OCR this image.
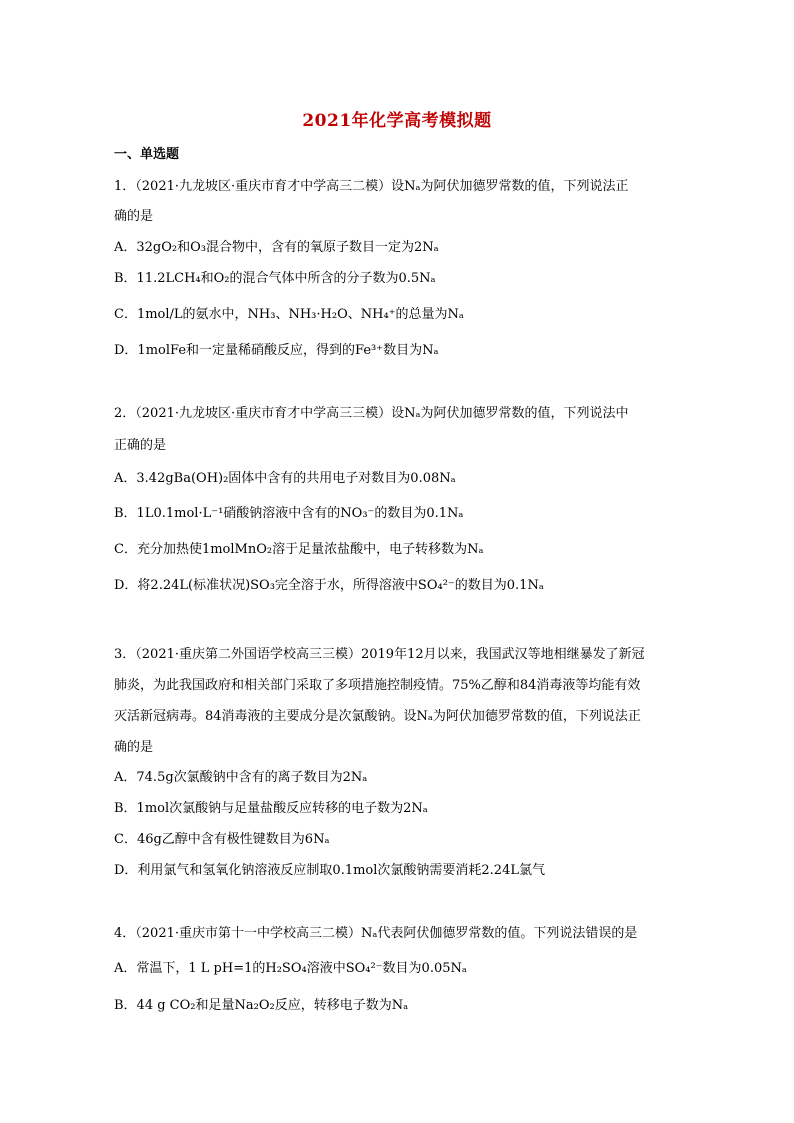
2021年化学高考模拟题
一、单选题
1．（2021·九龙坡区·重庆市育才中学高三二模）设Nₐ为阿伏加德罗常数的值，下列说法正
确的是
A．32gO₂和O₃混合物中，含有的氧原子数目一定为2Nₐ
B．11.2LCH₄和O₂的混合气体中所含的分子数为0.5Nₐ
C．1mol/L的氨水中，NH₃、NH₃·H₂O、NH₄⁺的总量为Nₐ
D．1molFe和一定量稀硝酸反应，得到的Fe³⁺数目为Nₐ
2．（2021·九龙坡区·重庆市育才中学高三三模）设Nₐ为阿伏加德罗常数的值，下列说法中
正确的是
A．3.42gBa(OH)₂固体中含有的共用电子对数目为0.08Nₐ
B．1L0.1mol·L⁻¹硝酸钠溶液中含有的NO₃⁻的数目为0.1Nₐ
C．充分加热使1molMnO₂溶于足量浓盐酸中，电子转移数为Nₐ
D．将2.24L(标准状况)SO₃完全溶于水，所得溶液中SO₄²⁻的数目为0.1Nₐ
3．（2021·重庆第二外国语学校高三三模）2019年12月以来，我国武汉等地相继暴发了新冠
肺炎，为此我国政府和相关部门采取了多项措施控制疫情。75%乙醇和84消毒液等均能有效
灭活新冠病毒。84消毒液的主要成分是次氯酸钠。设Nₐ为阿伏加德罗常数的值，下列说法正
确的是
A．74.5g次氯酸钠中含有的离子数目为2Nₐ
B．1mol次氯酸钠与足量盐酸反应转移的电子数为2Nₐ
C．46g乙醇中含有极性键数目为6Nₐ
D．利用氯气和氢氧化钠溶液反应制取0.1mol次氯酸钠需要消耗2.24L氯气
4．（2021·重庆市第十一中学校高三二模）Nₐ代表阿伏伽德罗常数的值。下列说法错误的是
A．常温下，1 L pH=1的H₂SO₄溶液中SO₄²⁻数目为0.05Nₐ
B．44 g CO₂和足量Na₂O₂反应，转移电子数为Nₐ
